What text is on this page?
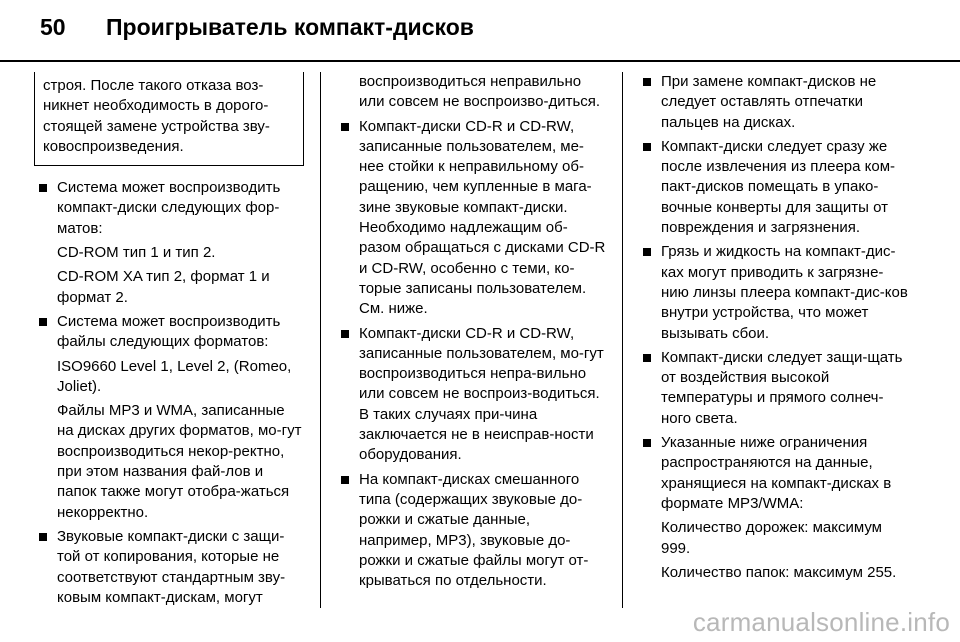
50	Проигрыватель компакт-дисков

строя. После такого отказа воз-

никнет необходимость в дорого-

стоящей замене устройства зву-

ковоспроизведения.

Система может воспроизводить компакт-диски следующих фор-матов:

CD-ROM тип 1 и тип 2.
CD-ROM XA тип 2, формат 1 и формат 2.

Система может воспроизводить файлы следующих форматов:

ISO9660 Level 1, Level 2, (Romeo, Joliet).
Файлы MP3 и WMA, записанные на дисках других форматов, мо-гут воспроизводиться некор-ректно, при этом названия фай-лов и папок также могут отобра-жаться некорректно.

Звуковые компакт-диски с защи-той от копирования, которые не соответствуют стандартным зву-ковым компакт-дискам, могут

воспроизводиться неправильно или совсем не воспроизво-диться.

Компакт-диски CD-R и CD-RW, записанные пользователем, ме-нее стойки к неправильному об-ращению, чем купленные в мага-зине звуковые компакт-диски. Необходимо надлежащим об-разом обращаться с дисками CD-R и CD-RW, особенно с теми, ко-торые записаны пользователем. См. ниже.

Компакт-диски CD-R и CD-RW, записанные пользователем, мо-гут воспроизводиться непра-вильно или совсем не воспроиз-водиться. В таких случаях при-чина заключается не в неисправ-ности оборудования.

На компакт-дисках смешанного типа (содержащих звуковые до-рожки и сжатые данные, например, MP3), звуковые до-рожки и сжатые файлы могут от-крываться по отдельности.

При замене компакт-дисков не следует оставлять отпечатки пальцев на дисках.

Компакт-диски следует сразу же после извлечения из плеера ком-пакт-дисков помещать в упако-вочные конверты для защиты от повреждения и загрязнения.

Грязь и жидкость на компакт-дис-ках могут приводить к загрязне-нию линзы плеера компакт-дис-ков внутри устройства, что может вызывать сбои.

Компакт-диски следует защи-щать от воздействия высокой температуры и прямого солнеч-ного света.

Указанные ниже ограничения распространяются на данные, хранящиеся на компакт-дисках в формате MP3/WMA:

Количество дорожек: максимум 999.
Количество папок: максимум 255.
carmanualsonline.info
